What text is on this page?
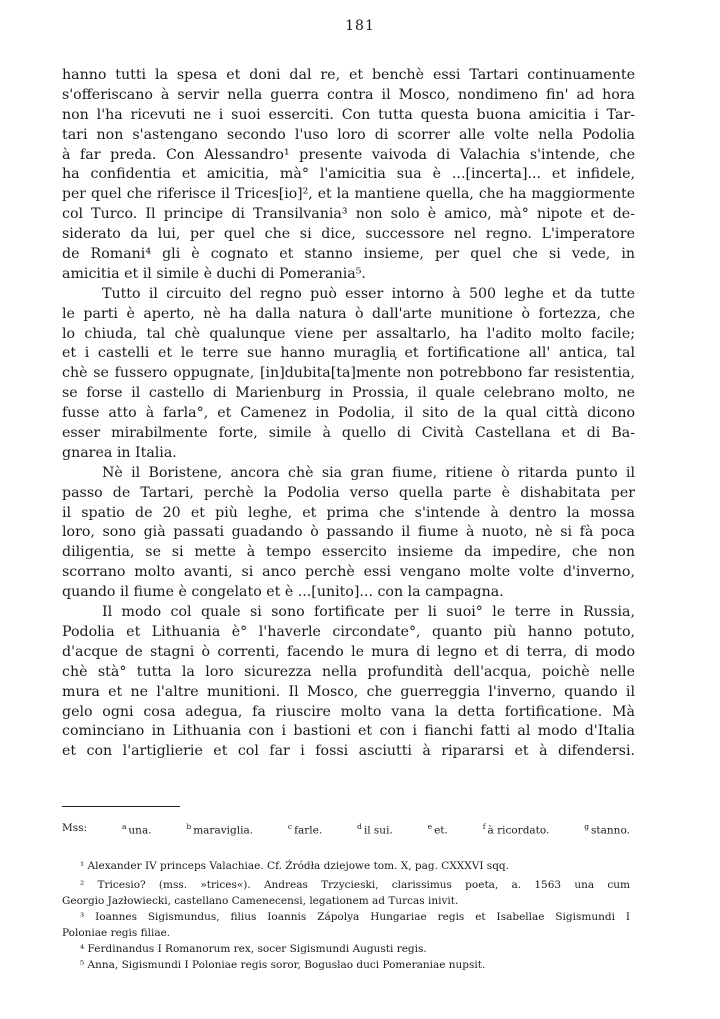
181
hanno tutti la spesa et doni dal re, et benchè essi Tartari continuamente
s'offeriscano à servir nella guerra contra il Mosco, nondimeno fin' ad hora
non l'ha ricevuti ne i suoi esserciti. Con tutta questa buona amicitia i Tar-
tari non s'astengano secondo l'uso loro di scorrer alle volte nella Podolia
à far preda. Con Alessandro¹ presente vaivoda di Valachia s'intende, che
ha confidentia et amicitia, mà° l'amicitia sua è ...[incerta]... et infidele,
per quel che riferisce il Trices[io]², et la mantiene quella, che ha maggiormente
col Turco. Il principe di Transilvania³ non solo è amico, mà° nipote et de-
siderato da lui, per quel che si dice, successore nel regno. L'imperatore
de Romani⁴ gli è cognato et stanno insieme, per quel che si vede, in
amicitia et il simile è duchi di Pomerania⁵.
Tutto il circuito del regno può esser intorno à 500 leghe et da tutte
le parti è aperto, nè ha dalla natura ò dall'arte munitione ò fortezza, che
lo chiuda, tal chè qualunque viene per assaltarlo, ha l'adito molto facile;
et i castelli et le terre sue hanno muraglia᷊ et fortificatione all' antica, tal
chè se fussero oppugnate, [in]dubita[ta]mente non potrebbono far resistentia,
se forse il castello di Marienburg in Prossia, il quale celebrano molto, ne
fusse atto à farla°, et Camenez in Podolia, il sito de la qual città dicono
esser mirabilmente forte, simile à quello di Cività Castellana et di Ba-
gnarea in Italia.
Nè il Boristene, ancora chè sia gran fiume, ritiene ò ritarda punto il
passo de Tartari, perchè la Podolia verso quella parte è dishabitata per
il spatio de 20 et più leghe, et prima che s'intende à dentro la mossa
loro, sono già passati guadando ò passando il fiume à nuoto, nè si fà poca
diligentia, se si mette à tempo essercito insieme da impedire, che non
scorrano molto avanti, si anco perchè essi vengano molte volte d'inverno,
quando il fiume è congelato et è ...[unito]... con la campagna.
Il modo col quale si sono fortificate per li suoi° le terre in Russia,
Podolia et Lithuania è° l'haverle circondate°, quanto più hanno potuto,
d'acque de stagni ò correnti, facendo le mura di legno et di terra, di modo
chè stà° tutta la loro sicurezza nella profundità dell'acqua, poichè nelle
mura et ne l'altre munitioni. Il Mosco, che guerreggia l'inverno, quando il
gelo ogni cosa adegua, fa riuscire molto vana la detta fortificatione. Mà
cominciano in Lithuania con i bastioni et con i fianchi fatti al modo d'Italia
et con l'artiglierie et col far i fossi asciutti à ripararsi et à difendersi.
Mss:	$^a$ una.	$^b$ maraviglia.	$^c$ farle.	$^d$ il sui.	$^e$ et.	$^f$ à ricordato.	$^g$ stanno.
¹ Alexander IV princeps Valachiae. Cf. Źródła dziejowe tom. X, pag. CXXXVI sqq.
² Tricesio? (mss. »trices«). Andreas Trzycieski, clarissimus poeta, a. 1563 una cum
Georgio Jazłowiecki, castellano Camenecensi, legationem ad Turcas inivit.
³ Ioannes Sigismundus, filius Ioannis Zápolya Hungariae regis et Isabellae Sigismundi I
Poloniae regis filiae.
⁴ Ferdinandus I Romanorum rex, socer Sigismundi Augusti regis.
⁵ Anna, Sigismundi I Poloniae regis soror, Boguslao duci Pomeraniae nupsit.
